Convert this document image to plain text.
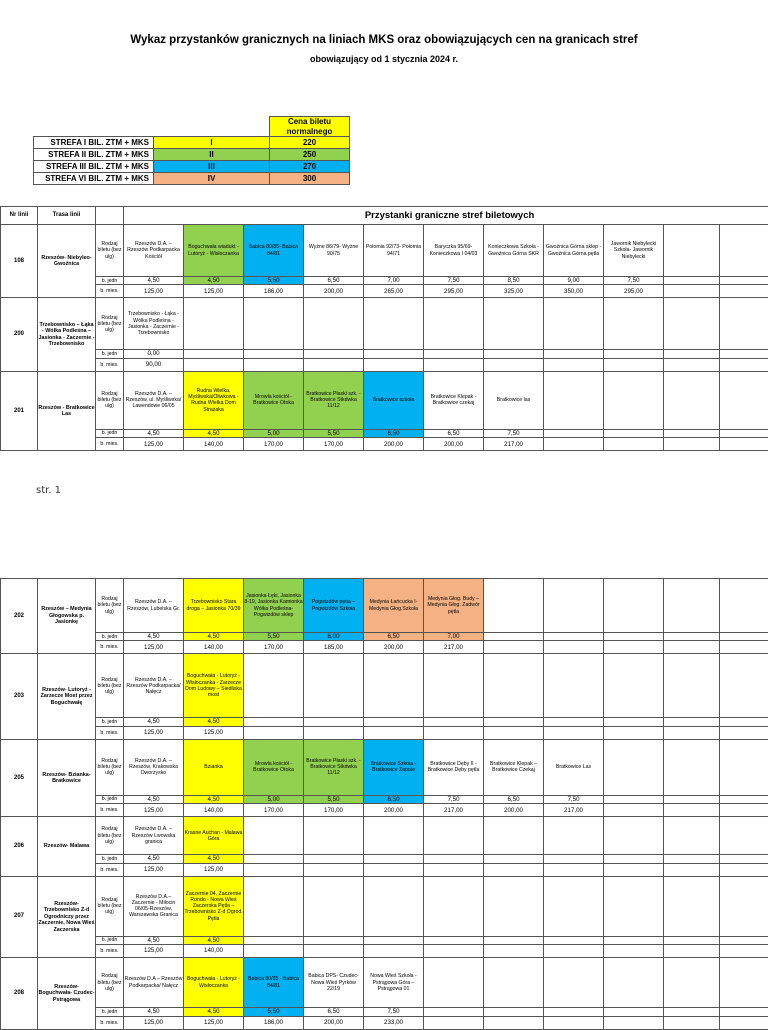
Wykaz przystanków granicznych na liniach MKS oraz obowiązujących cen na granicach stref
obowiązujący od 1 stycznia 2024 r.
		Cena biletu normalnego
STREFA I BIL. ZTM + MKS	I	220
STREFA II BIL. ZTM + MKS	II	250
STREFA III BIL. ZTM + MKS	III	270
STREFA VI BIL. ZTM + MKS	IV	300
Nr linii	Trasa linii		Przystanki graniczne stref biletowych										
108	Rzeszów- Niebyleo- Gwoźnica	Rodzaj biletu (bez ulg)	Rzeszów D.A. – Rzeszów Podkarpacka Kościół	Boguchwała wiadukt - Lutoryż - Wisłoczanka	Babica 80/85- Babica 84/81	Wyżne 86/79- Wyżne 90/75	Połomia 92/73- Połomia 94/71	Baryczka 95/69- Konieczkowa I 04/03	Konieczkowa Szkoła - Gwoźnica Górna SKR	Gwoźnica Górna sklep - Gwoźnica Górna pętla	Jawornik Niebylecki Szkoła- Jawornik Niebylecki		
		b. jedn	4,50	4,50	5,50	6,50	7,00	7,50	8,50	9,00	7,50		
		b. mies.	125,00	125,00	186,00	200,00	265,00	295,00	325,00	350,00	295,00		
200	Trzebownisko – Łąka - Wólka Podleśna – Jasionka - Zaczernie - Trzebownisko	Rodzaj biletu (bez ulg)	Trzebownisko - Łąka - Wólka Podleśna - Jasionka - Zaczernie - Trzebownisko										
		b. jedn	0,00										
		b. mies.	90,00										
201	Rzeszów - Bratkowice Las	Rodzaj biletu (bez ulg)	Rzeszów D.A. – Rzeszów, ul. Myśliwska/ Lawendowe 06/05	Rudna Wielka, Myśliwska/Oliwkowa - Rudna Wielka Dom Strażaka	Mrowla kościół - Bratkowice Otoka	Bratkowice Płaski szk. - Bratkowice Stkdwka 11/12	Bratkowice szkoła	Bratkowice Klepak - Bratkowice czekaj	Bratkowice las				
		b. jedn	4,50	4,50	5,00	5,50	6,50	6,50	7,50				
		b. mies.	125,00	140,00	170,00	170,00	200,00	200,00	217,00				
str. 1
202	Rzeszów – Medynia Głogowska p. Jasionkę	Rodzaj biletu (bez ulg)	Rzeszów D.A. – Rzeszów, Lubelska Gr.	Trzebownisko Stara droga – Jasionka 70/39	Jasionka Łęki, Jasionka 8-19, Jasionka Kamionka Wólka Podleśna- Pogwizdów sklep	Pogwizdów pętla – Pogwizdów Szkoła	Medynia Łańcucka I- Medynia Głog.Szkoła	Medynia Głog. Budy – Medynia Głog. Zadwór pętla					
		b. jedn	4,50	4,50	5,50	6,00	6,50	7,00					
		b. mies.	125,00	140,00	170,00	185,00	200,00	217,00					
203	Rzeszów- Lutoryż - Zarzecze Most przez Boguchwałę	Rodzaj biletu (bez ulg)	Rzeszów D.A. – Rzeszów Podkarpacka/ Nałęcz	Boguchwała - Lutoryż - Wisłoczanka - Zarzecze Dom Ludowy – Siedliska most									
		b. jedn	4,50	4,50									
		b. mies.	125,00	125,00									
205	Rzeszów- Bzianka- Bratkowice	Rodzaj biletu (bez ulg)	Rzeszów D.A. – Rzeszów, Krakowska Dworzysko	Bzianka	Mrowla kościół - Bratkowice Otoka	Bratkowice Płaski szk. - Bratkowice Stkdwka 11/12	Bratkowice Szkoła - Bratkowice Zapole	Bratkowice Dęby II - Bratkowice Dęby pętla	Bratkowice Klepak – Bratkowice Czekaj	Bratkowice Las			
		b. jedn	4,50	4,50	5,00	5,50	6,50	7,50	6,50	7,50			
		b. mies.	125,00	140,00	170,00	170,00	200,00	217,00	200,00	217,00			
206	Rzeszów- Malawa	Rodzaj biletu (bez ulg)	Rzeszów D.A. – Rzeszów Lwowska granica	Krasne Auchan - Malawa Góra									
		b. jedn	4,50	4,50									
		b. mies.	125,00	125,00									
207	Rzeszów- Trzebownisko Z-d Ogrodniczy przez Zaczernie, Nowa Wieś Zaczerska	Rodzaj biletu (bez ulg)	Rzeszów D.A.– Zaczernie - Miłocin 06/05-Rzeszów, Warszawska Granica	Zaczernie 04, Zaczernie Rondo - Nowa Wieś Zaczerska Pętla – Trzebownisko Z-d Ogrod. Pętla									
		b. jedn	4,50	4,50									
		b. mies.	125,00	140,00									
208	Rzeszów- Boguchwała- Czudec- Pstrągowa	Rodzaj biletu (bez ulg)	Rzeszów D.A – Rzeszów Podkarpacka/ Nałęcz	Boguchwała - Lutoryż - Wisłoczanka	Babica 80/85 - Babica 84/81	Babica DPS- Czudec- Nowa Wieś Pyrków 22/19	Nowa Wieś Szkoła - Pstrągowa Góra – Pstrągowa 01						
		b. jedn	4,50	4,50	5,50	6,50	7,50						
		b. mies.	125,00	125,00	186,00	200,00	233,00						
